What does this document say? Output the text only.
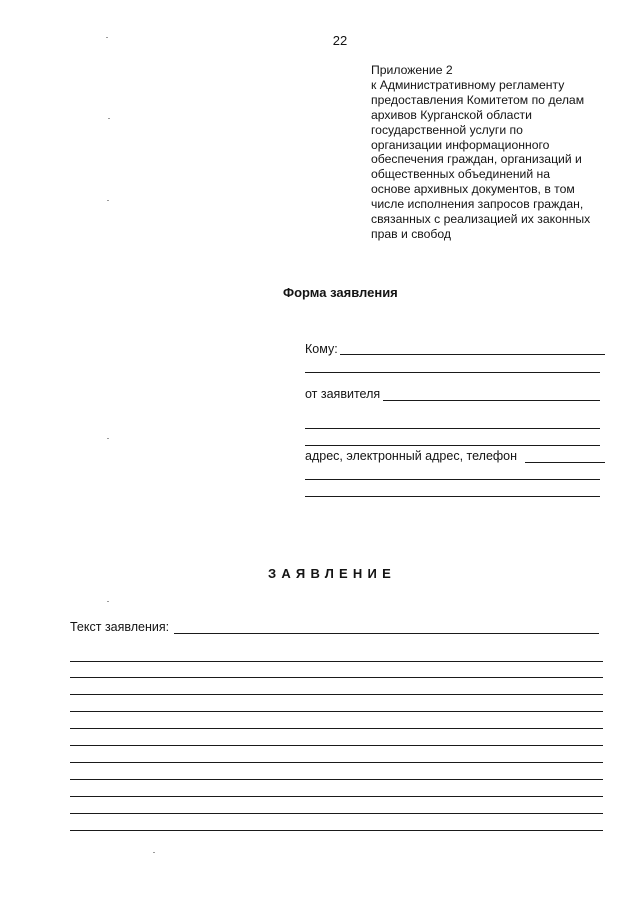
22
Приложение 2
к Административному регламенту
предоставления Комитетом по делам
архивов Курганской области
государственной услуги по
организации информационного
обеспечения граждан, организаций и
общественных объединений на
основе архивных документов, в том
числе исполнения запросов граждан,
связанных с реализацией их законных
прав и свобод
Форма заявления
Кому:
от заявителя
адрес, электронный адрес, телефон
ЗАЯВЛЕНИЕ
Текст заявления:
